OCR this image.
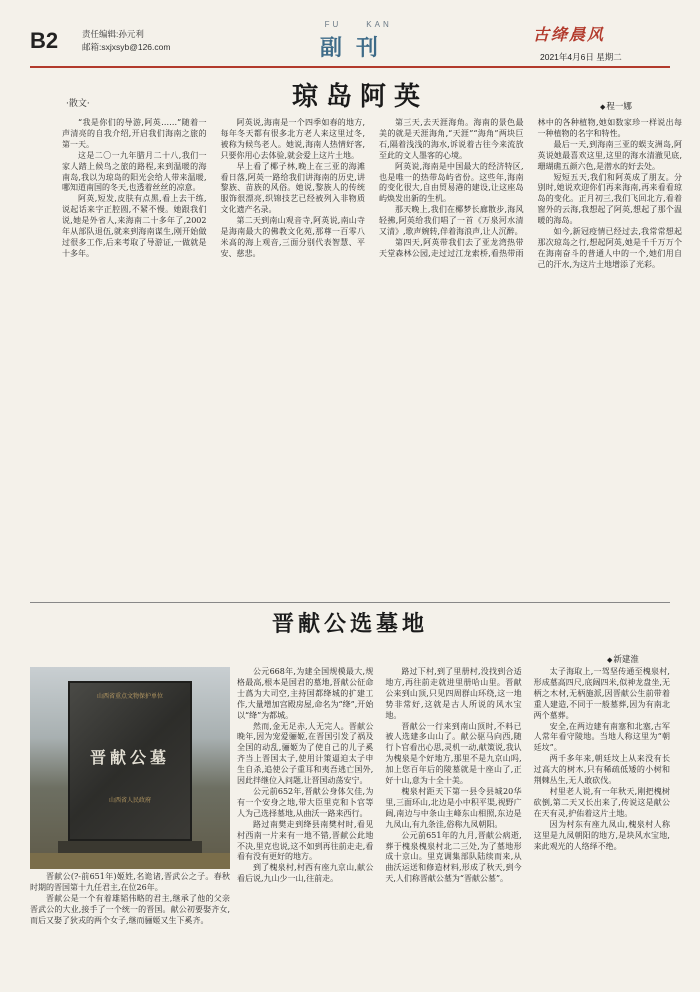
B2	责任编辑:孙元利
邮箱:sxjxsyb@126.com
FU	KAN
副刊
古绛晨风
2021年4月6日 星期二
·散文·	琼岛阿英
◆	程一娜

“我是你们的导游,阿英……”随着一声清亮的自我介绍,开启我们海南之旅的第一天。

这是二〇一九年腊月二十八,我们一家人踏上候鸟之旅的路程,来到温暖的海南岛,我以为琼岛的阳光会给人带来温暖,哪知道南国的冬天,也透着丝丝的凉意。

阿英,短发,皮肤有点黑,看上去干练,说起话来字正腔圆,不紧不慢。她跟我们说,她是外省人,来海南二十多年了,2002年从部队退伍,就来到海南谋生,刚开始做过很多工作,后来考取了导游证,一做就是十多年。

阿英说,海南是一个四季如春的地方,每年冬天都有很多北方老人来这里过冬,被称为候鸟老人。她说,海南人热情好客,只要你用心去体验,就会爱上这片土地。

早上看了椰子林,晚上在三亚的海滩看日落,阿英一路给我们讲海南的历史,讲黎族、苗族的风俗。她说,黎族人的传统服饰很漂亮,织锦技艺已经被列入非物质文化遗产名录。

第二天到南山观音寺,阿英说,南山寺是海南最大的佛教文化苑,那尊一百零八米高的海上观音,三面分别代表智慧、平安、慈悲。

第三天,去天涯海角。海南的景色最美的就是天涯海角,“天涯”“海角”两块巨石,隔着浅浅的海水,诉说着古往今来流放至此的文人墨客的心境。

阿英说,海南是中国最大的经济特区,也是唯一的热带岛屿省份。这些年,海南的变化很大,自由贸易港的建设,让这座岛屿焕发出新的生机。

那天晚上,我们在椰梦长廊散步,海风轻拂,阿英给我们唱了一首《万泉河水清又清》,歌声婉转,伴着海浪声,让人沉醉。

第四天,阿英带我们去了亚龙湾热带天堂森林公园,走过过江龙索桥,看热带雨林中的各种植物,她如数家珍一样说出每一种植物的名字和特性。

最后一天,到海南三亚的蜈支洲岛,阿英说她最喜欢这里,这里的海水清澈见底,珊瑚礁五颜六色,是潜水的好去处。

短短五天,我们和阿英成了朋友。分别时,她说欢迎你们再来海南,再来看看琼岛的变化。正月初三,我们飞回北方,看着窗外的云海,我想起了阿英,想起了那个温暖的海岛。

如今,新冠疫情已经过去,我常常想起那次琼岛之行,想起阿英,她是千千万万个在海南奋斗的普通人中的一个,她们用自己的汗水,为这片土地增添了光彩。

晋献公选墓地
◆ 新建淮
山西省重点文物保护单位
晋献公墓
山西省人民政府

晋献公(?-前651年)姬姓,名诡诸,晋武公之子。春秋时期的晋国第十九任君主,在位26年。

晋献公是一个有着雄韬伟略的君主,继承了他的父亲晋武公的大业,接手了一个统一的晋国。献公初要娶齐女,而后又娶了狄戎的两个女子,继而骊姬又生下奚齐。

公元668年,为建全国规模最大,规格最高,根本是国君的墓地,晋献公征命士蔿为大司空,主持国都绛城的扩建工作,大量增加宫殿房屋,命名为“绛”,开始以“绛”为都城。

然而,金无足赤,人无完人。晋献公晚年,因为宠爱骊姬,在晋国引发了祸及全国的动乱,骊姬为了使自己的儿子奚齐当上晋国太子,使用计策逼迫太子申生自杀,追使公子重耳和夷吾逃亡国外,因此拌继位入问题,让晋国动荡安宁。

公元前652年,晋献公身体欠佳,为有一个安身之地,带大臣里克和卜官等人为己选择墓地,从曲沃一路来西行。

路过南樊走到绛县南樊村时,看见村西南一片来有一地不错,晋献公此地不决,里克也说,这不如到再往前走走,看看有没有更好的地方。

到了槐泉村,村西有座九京山,献公看后说,九山少一山,往前走。

路过下村,到了里册村,没找到合适地方,再往前走就进里册哈山里。晋献公来到山顶,只见四周群山环绕,这一地势非常好,这就是古人所说的风水宝地。

晋献公一行来到南山顶时,不料已被人选建多山山了。献公驱马向西,随行卜官看出心思,灵机一动,献策说,我认为槐泉是个好地方,那里不是九京山吗,加上您百年后的陵墓就是十座山了,正好十山,意为十全十美。

槐泉村距天下第一县令县城20华里,三面环山,北边是小中积平渠,视野广阔,南边与中条山主峰东山相照,东边是九凤山,有九条洼,俗称九凤朝阳。

公元前651年的九月,晋献公病逝,葬于槐泉槐泉村北二三处,为了墓地形成十京山。里克调集部队陆续而来,从曲沃运送和修造材料,形成了秋天,到今天,人们称晋献公墓为“晋献公墓”。

太子海取上,一驾坚传通至槐泉村,形成墓高四尺,底阔四米,似神龙盘坐,无柄之木材,无柄施派,因晋献公生前带着重人建造,不同于一般墓葬,因为有南北两个墓葬。

安全,在两边建有南塞和北塞,古军人常年看守陵地。当地人称这里为“朝廷坟”。

两千多年来,朝廷坟上从来没有长过高大的树木,只有稀疏低矮的小树和荆棘丛生,无人敢砍伐。

村里老人说,有一年秋天,刚把槐树砍倒,第二天又长出来了,传说这是献公在天有灵,护佑着这片土地。

因为村东有座九凤山,槐泉村人称这里是九凤朝阳的地方,是块风水宝地,来此观光的人络绎不绝。
